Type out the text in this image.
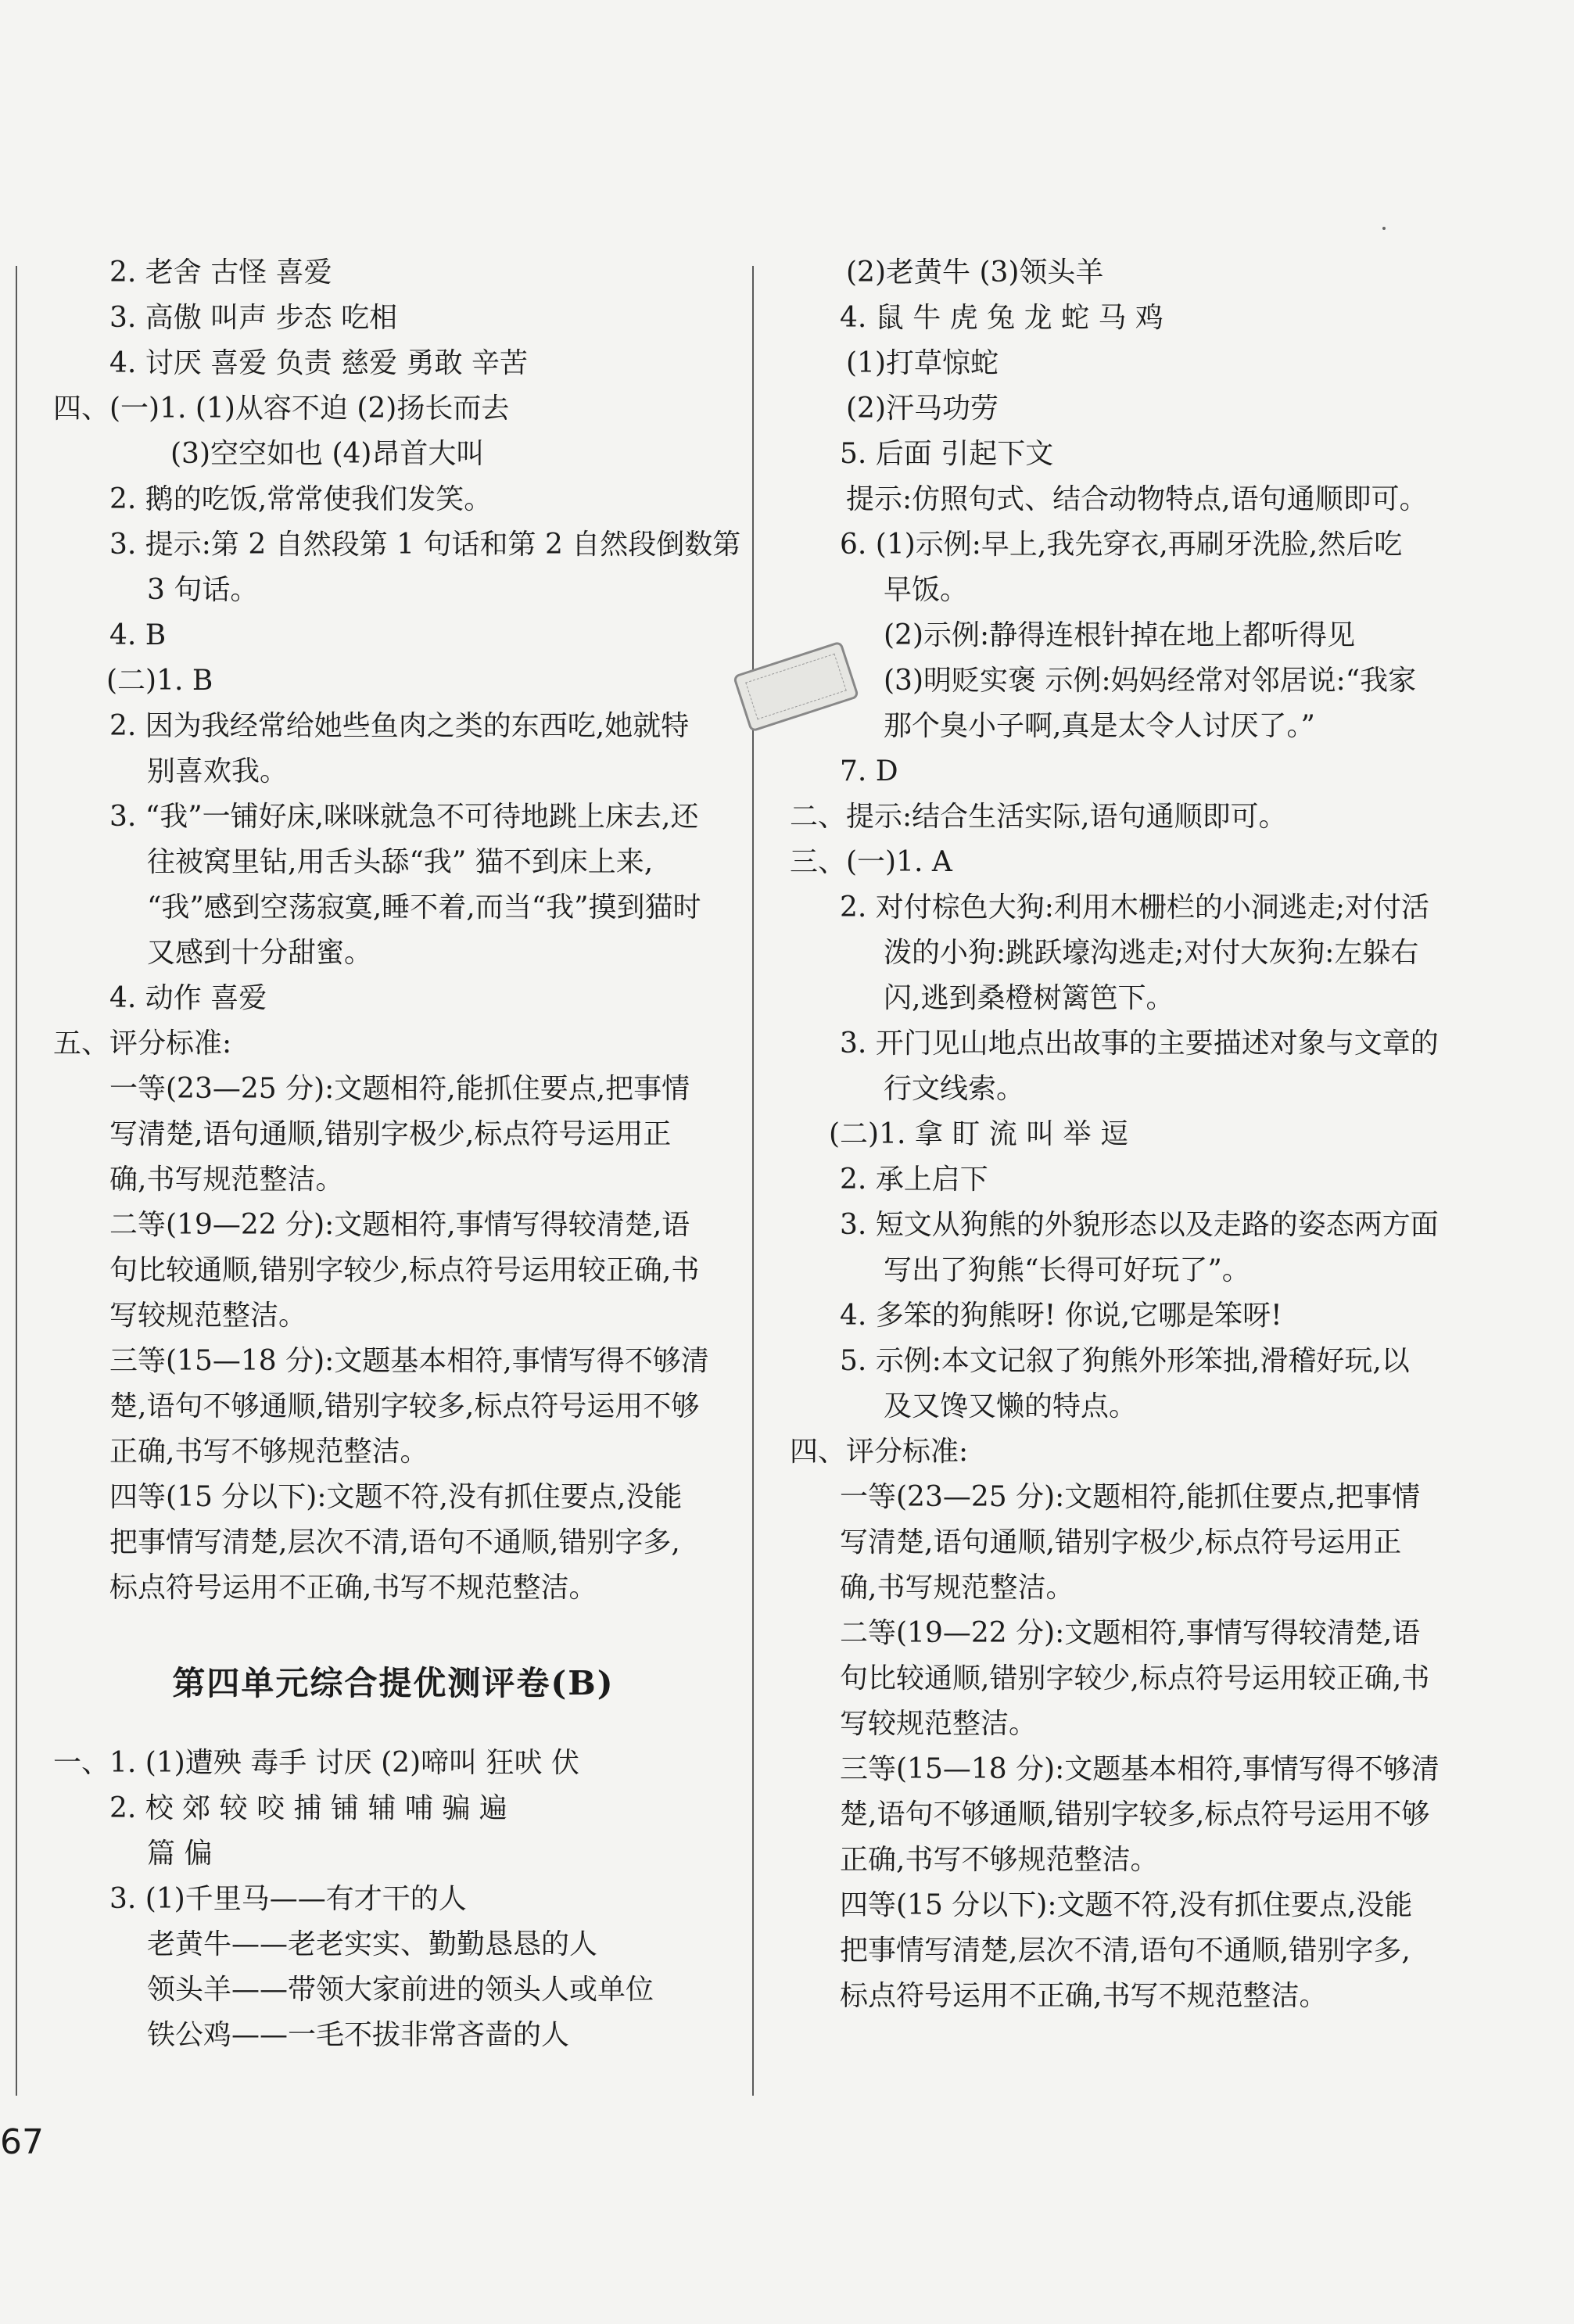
2. 老舍 古怪 喜爱
3. 高傲 叫声 步态 吃相
4. 讨厌 喜爱 负责 慈爱 勇敢 辛苦
四、(一)1. (1)从容不迫 (2)扬长而去
(3)空空如也 (4)昂首大叫
2. 鹅的吃饭,常常使我们发笑。
3. 提示:第 2 自然段第 1 句话和第 2 自然段倒数第
3 句话。
4. B
(二)1. B
2. 因为我经常给她些鱼肉之类的东西吃,她就特
别喜欢我。
3. “我”一铺好床,咪咪就急不可待地跳上床去,还
往被窝里钻,用舌头舔“我” 猫不到床上来,
“我”感到空荡寂寞,睡不着,而当“我”摸到猫时
又感到十分甜蜜。
4. 动作 喜爱
五、评分标准:
一等(23—25 分):文题相符,能抓住要点,把事情
写清楚,语句通顺,错别字极少,标点符号运用正
确,书写规范整洁。
二等(19—22 分):文题相符,事情写得较清楚,语
句比较通顺,错别字较少,标点符号运用较正确,书
写较规范整洁。
三等(15—18 分):文题基本相符,事情写得不够清
楚,语句不够通顺,错别字较多,标点符号运用不够
正确,书写不够规范整洁。
四等(15 分以下):文题不符,没有抓住要点,没能
把事情写清楚,层次不清,语句不通顺,错别字多,
标点符号运用不正确,书写不规范整洁。
第四单元综合提优测评卷(B)
一、1. (1)遭殃 毒手 讨厌 (2)啼叫 狂吠 伏
2. 校 郊 较 咬 捕 铺 辅 哺 骗 遍
篇 偏
3. (1)千里马——有才干的人
老黄牛——老老实实、勤勤恳恳的人
领头羊——带领大家前进的领头人或单位
铁公鸡——一毛不拔非常吝啬的人
(2)老黄牛 (3)领头羊
4. 鼠 牛 虎 兔 龙 蛇 马 鸡
(1)打草惊蛇
(2)汗马功劳
5. 后面 引起下文
提示:仿照句式、结合动物特点,语句通顺即可。
6. (1)示例:早上,我先穿衣,再刷牙洗脸,然后吃
早饭。
(2)示例:静得连根针掉在地上都听得见
(3)明贬实褒 示例:妈妈经常对邻居说:“我家
那个臭小子啊,真是太令人讨厌了。”
7. D
二、提示:结合生活实际,语句通顺即可。
三、(一)1. A
2. 对付棕色大狗:利用木栅栏的小洞逃走;对付活
泼的小狗:跳跃壕沟逃走;对付大灰狗:左躲右
闪,逃到桑橙树篱笆下。
3. 开门见山地点出故事的主要描述对象与文章的
行文线索。
(二)1. 拿 盯 流 叫 举 逗
2. 承上启下
3. 短文从狗熊的外貌形态以及走路的姿态两方面
写出了狗熊“长得可好玩了”。
4. 多笨的狗熊呀! 你说,它哪是笨呀!
5. 示例:本文记叙了狗熊外形笨拙,滑稽好玩,以
及又馋又懒的特点。
四、评分标准:
一等(23—25 分):文题相符,能抓住要点,把事情
写清楚,语句通顺,错别字极少,标点符号运用正
确,书写规范整洁。
二等(19—22 分):文题相符,事情写得较清楚,语
句比较通顺,错别字较少,标点符号运用较正确,书
写较规范整洁。
三等(15—18 分):文题基本相符,事情写得不够清
楚,语句不够通顺,错别字较多,标点符号运用不够
正确,书写不够规范整洁。
四等(15 分以下):文题不符,没有抓住要点,没能
把事情写清楚,层次不清,语句不通顺,错别字多,
标点符号运用不正确,书写不规范整洁。
67
